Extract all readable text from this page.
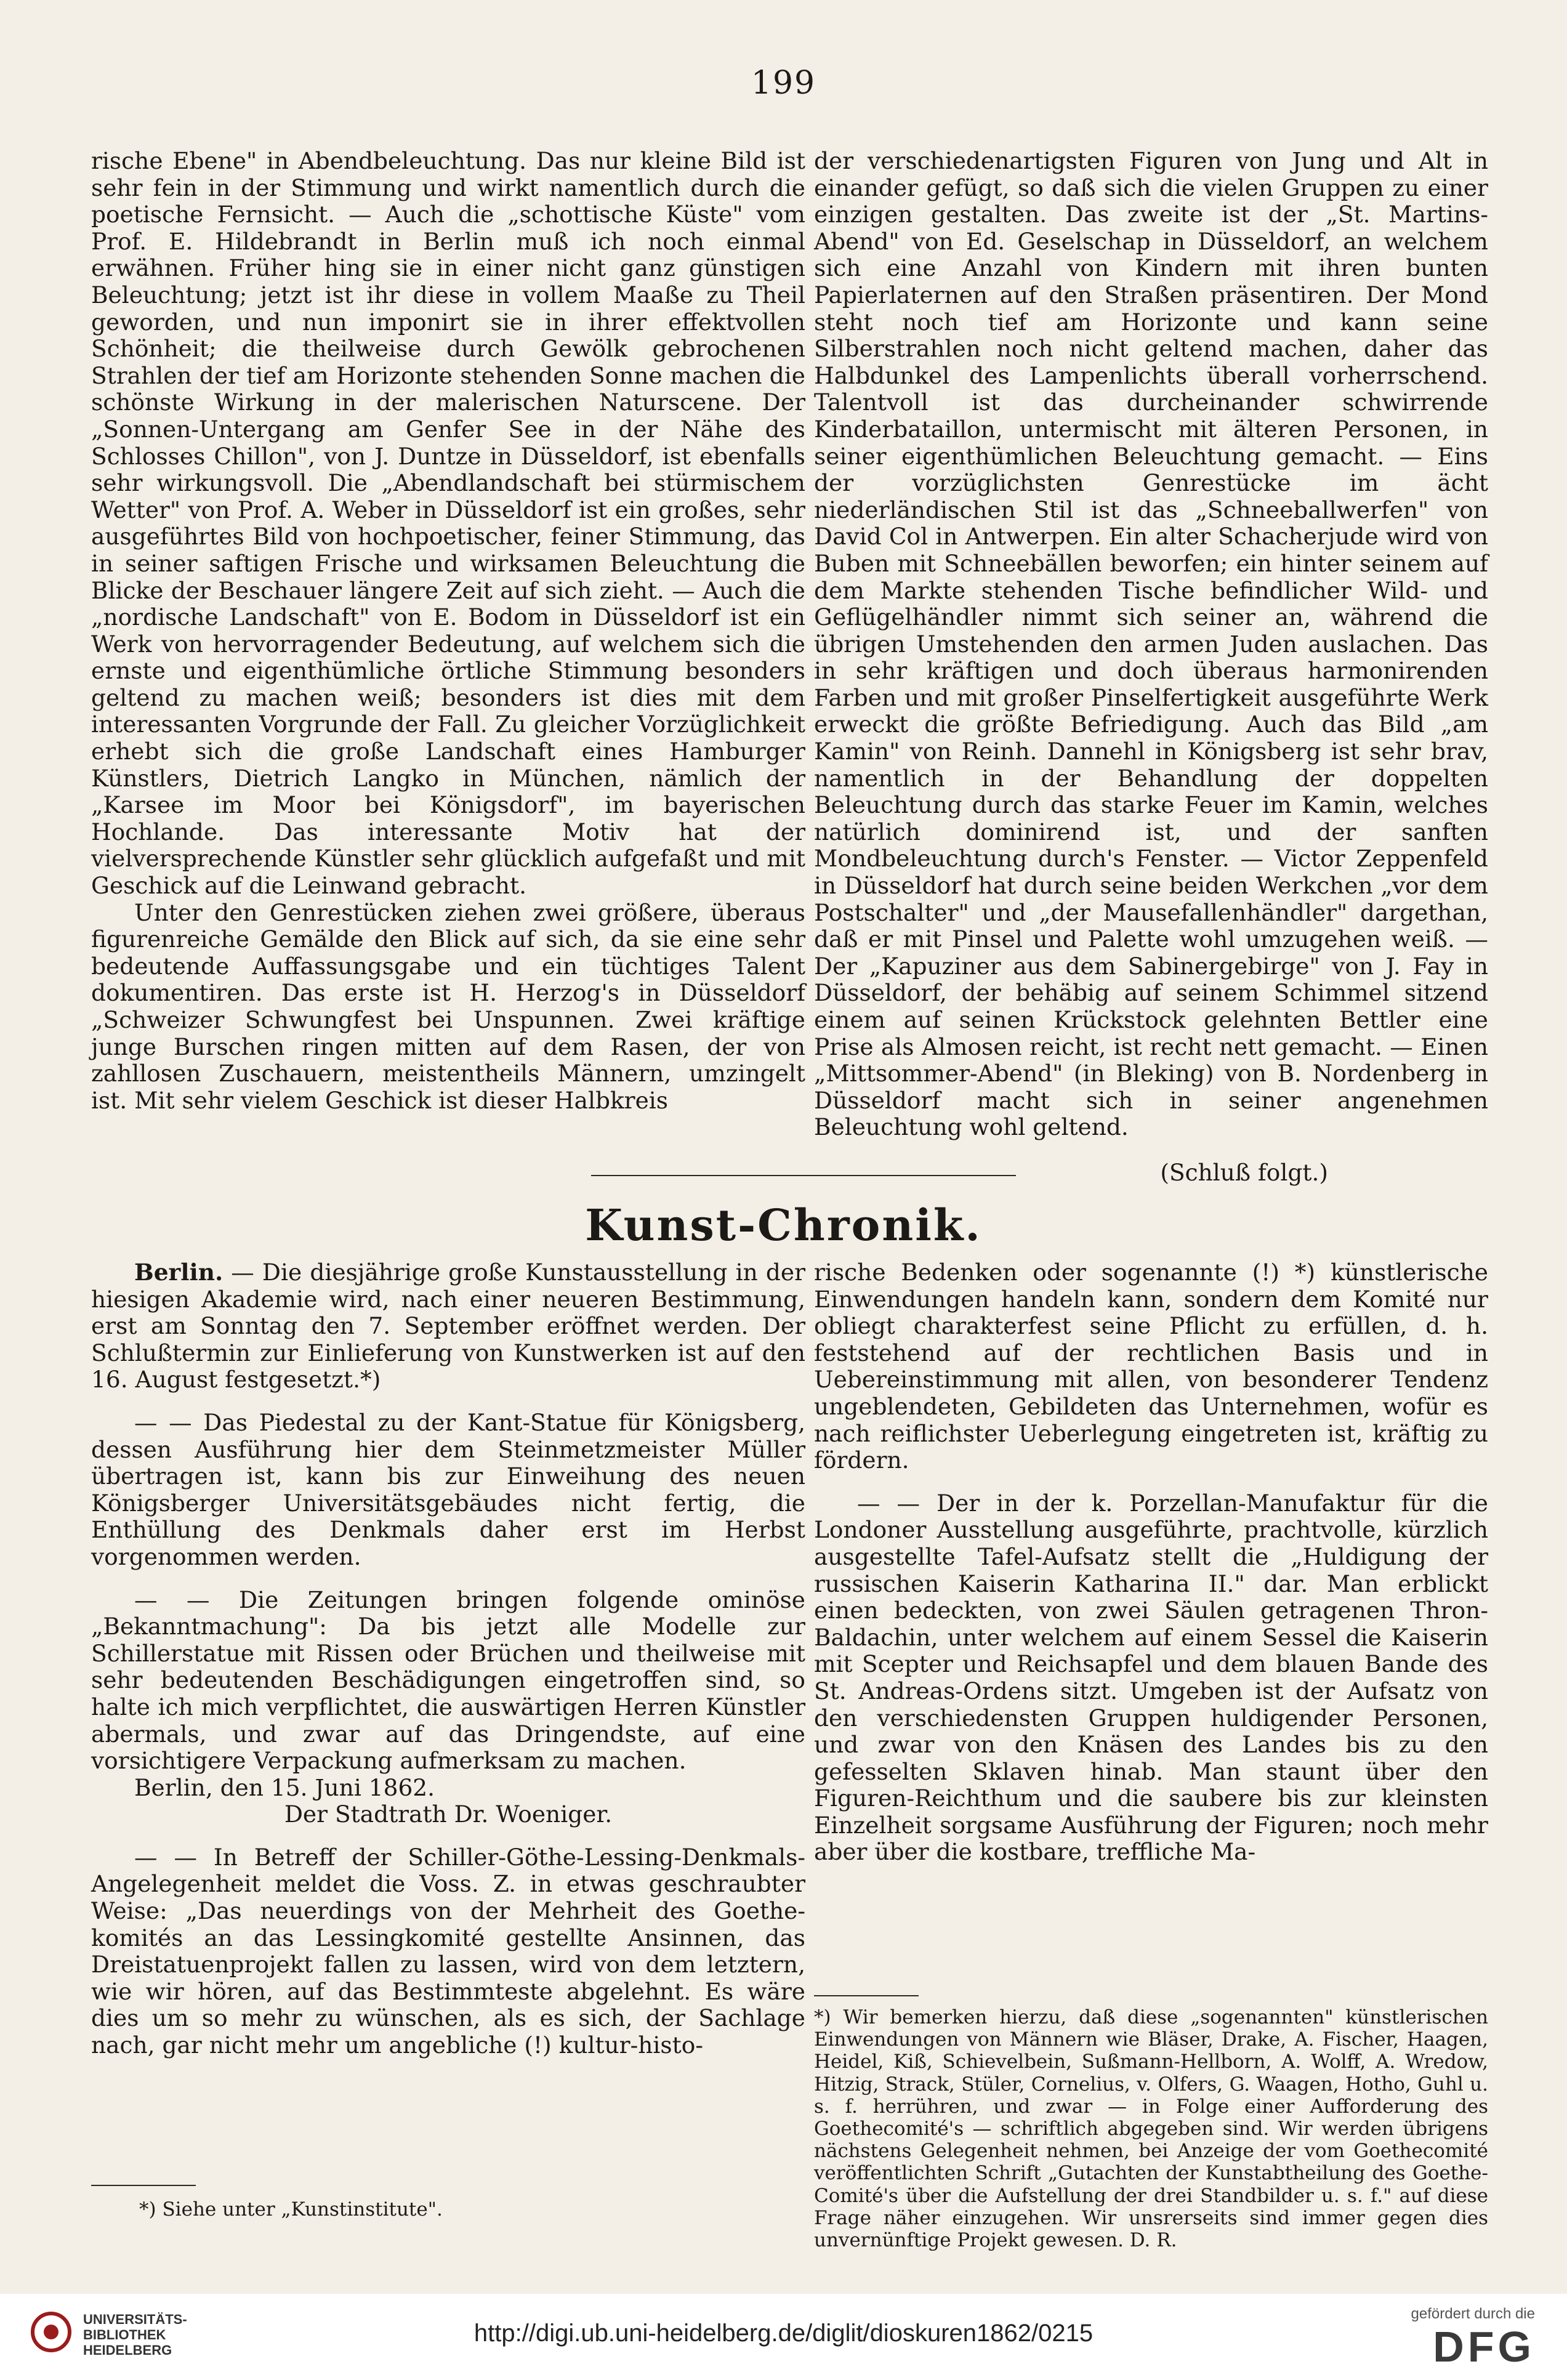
199

rische Ebene" in Abendbeleuchtung. Das nur kleine Bild ist sehr fein in der Stimmung und wirkt namentlich durch die poetische Fernsicht. — Auch die „schottische Küste" vom Prof. E. Hildebrandt in Berlin muß ich noch einmal erwähnen. Früher hing sie in einer nicht ganz günstigen Beleuchtung; jetzt ist ihr diese in vollem Maaße zu Theil geworden, und nun imponirt sie in ihrer effektvollen Schönheit; die theilweise durch Gewölk gebrochenen Strahlen der tief am Horizonte stehenden Sonne machen die schönste Wirkung in der malerischen Naturscene. Der „Sonnen-Untergang am Genfer See in der Nähe des Schlosses Chillon", von J. Duntze in Düsseldorf, ist ebenfalls sehr wirkungsvoll. Die „Abendlandschaft bei stürmischem Wetter" von Prof. A. Weber in Düsseldorf ist ein großes, sehr ausgeführtes Bild von hochpoetischer, feiner Stimmung, das in seiner saftigen Frische und wirksamen Beleuchtung die Blicke der Beschauer längere Zeit auf sich zieht. — Auch die „nordische Landschaft" von E. Bodom in Düsseldorf ist ein Werk von hervorragender Bedeutung, auf welchem sich die ernste und eigenthümliche örtliche Stimmung besonders geltend zu machen weiß; besonders ist dies mit dem interessanten Vorgrunde der Fall. Zu gleicher Vorzüglichkeit erhebt sich die große Landschaft eines Hamburger Künstlers, Dietrich Langko in München, nämlich der „Karsee im Moor bei Königsdorf", im bayerischen Hochlande. Das interessante Motiv hat der vielversprechende Künstler sehr glücklich aufgefaßt und mit Geschick auf die Leinwand gebracht.

Unter den Genrestücken ziehen zwei größere, überaus figurenreiche Gemälde den Blick auf sich, da sie eine sehr bedeutende Auffassungsgabe und ein tüchtiges Talent dokumentiren. Das erste ist H. Herzog's in Düsseldorf „Schweizer Schwungfest bei Unspunnen. Zwei kräftige junge Burschen ringen mitten auf dem Rasen, der von zahllosen Zuschauern, meistentheils Männern, umzingelt ist. Mit sehr vielem Geschick ist dieser Halbkreis

der verschiedenartigsten Figuren von Jung und Alt in einander gefügt, so daß sich die vielen Gruppen zu einer einzigen gestalten. Das zweite ist der „St. Martins-Abend" von Ed. Geselschap in Düsseldorf, an welchem sich eine Anzahl von Kindern mit ihren bunten Papierlaternen auf den Straßen präsentiren. Der Mond steht noch tief am Horizonte und kann seine Silberstrahlen noch nicht geltend machen, daher das Halbdunkel des Lampenlichts überall vorherrschend. Talentvoll ist das durcheinander schwirrende Kinderbataillon, untermischt mit älteren Personen, in seiner eigenthümlichen Beleuchtung gemacht. — Eins der vorzüglichsten Genrestücke im ächt niederländischen Stil ist das „Schneeballwerfen" von David Col in Antwerpen. Ein alter Schacherjude wird von Buben mit Schneebällen beworfen; ein hinter seinem auf dem Markte stehenden Tische befindlicher Wild- und Geflügelhändler nimmt sich seiner an, während die übrigen Umstehenden den armen Juden auslachen. Das in sehr kräftigen und doch überaus harmonirenden Farben und mit großer Pinselfertigkeit ausgeführte Werk erweckt die größte Befriedigung. Auch das Bild „am Kamin" von Reinh. Dannehl in Königsberg ist sehr brav, namentlich in der Behandlung der doppelten Beleuchtung durch das starke Feuer im Kamin, welches natürlich dominirend ist, und der sanften Mondbeleuchtung durch's Fenster. — Victor Zeppenfeld in Düsseldorf hat durch seine beiden Werkchen „vor dem Postschalter" und „der Mausefallenhändler" dargethan, daß er mit Pinsel und Palette wohl umzugehen weiß. — Der „Kapuziner aus dem Sabinergebirge" von J. Fay in Düsseldorf, der behäbig auf seinem Schimmel sitzend einem auf seinen Krückstock gelehnten Bettler eine Prise als Almosen reicht, ist recht nett gemacht. — Einen „Mittsommer-Abend" (in Bleking) von B. Nordenberg in Düsseldorf macht sich in seiner angenehmen Beleuchtung wohl geltend.

(Schluß folgt.)

Kunst-Chronik.

Berlin. — Die diesjährige große Kunstausstellung in der hiesigen Akademie wird, nach einer neueren Bestimmung, erst am Sonntag den 7. September eröffnet werden. Der Schlußtermin zur Einlieferung von Kunstwerken ist auf den 16. August festgesetzt.*)

— — Das Piedestal zu der Kant-Statue für Königsberg, dessen Ausführung hier dem Steinmetzmeister Müller übertragen ist, kann bis zur Einweihung des neuen Königsberger Universitätsgebäudes nicht fertig, die Enthüllung des Denkmals daher erst im Herbst vorgenommen werden.

— — Die Zeitungen bringen folgende ominöse „Bekanntmachung": Da bis jetzt alle Modelle zur Schillerstatue mit Rissen oder Brüchen und theilweise mit sehr bedeutenden Beschädigungen eingetroffen sind, so halte ich mich verpflichtet, die auswärtigen Herren Künstler abermals, und zwar auf das Dringendste, auf eine vorsichtigere Verpackung aufmerksam zu machen.

Berlin, den 15. Juni 1862.

Der Stadtrath Dr. Woeniger.

— — In Betreff der Schiller-Göthe-Lessing-Denkmals-Angelegenheit meldet die Voss. Z. in etwas geschraubter Weise: „Das neuerdings von der Mehrheit des Goethe-komités an das Lessingkomité gestellte Ansinnen, das Dreistatuenprojekt fallen zu lassen, wird von dem letztern, wie wir hören, auf das Bestimmteste abgelehnt. Es wäre dies um so mehr zu wünschen, als es sich, der Sachlage nach, gar nicht mehr um angebliche (!) kultur-histo-

rische Bedenken oder sogenannte (!) *) künstlerische Einwendungen handeln kann, sondern dem Komité nur obliegt charakterfest seine Pflicht zu erfüllen, d. h. feststehend auf der rechtlichen Basis und in Uebereinstimmung mit allen, von besonderer Tendenz ungeblendeten, Gebildeten das Unternehmen, wofür es nach reiflichster Ueberlegung eingetreten ist, kräftig zu fördern.

— — Der in der k. Porzellan-Manufaktur für die Londoner Ausstellung ausgeführte, prachtvolle, kürzlich ausgestellte Tafel-Aufsatz stellt die „Huldigung der russischen Kaiserin Katharina II." dar. Man erblickt einen bedeckten, von zwei Säulen getragenen Thron-Baldachin, unter welchem auf einem Sessel die Kaiserin mit Scepter und Reichsapfel und dem blauen Bande des St. Andreas-Ordens sitzt. Umgeben ist der Aufsatz von den verschiedensten Gruppen huldigender Personen, und zwar von den Knäsen des Landes bis zu den gefesselten Sklaven hinab. Man staunt über den Figuren-Reichthum und die saubere bis zur kleinsten Einzelheit sorgsame Ausführung der Figuren; noch mehr aber über die kostbare, treffliche Ma-

*) Wir bemerken hierzu, daß diese „sogenannten" künstlerischen Einwendungen von Männern wie Bläser, Drake, A. Fischer, Haagen, Heidel, Kiß, Schievelbein, Sußmann-Hellborn, A. Wolff, A. Wredow, Hitzig, Strack, Stüler, Cornelius, v. Olfers, G. Waagen, Hotho, Guhl u. s. f. herrühren, und zwar — in Folge einer Aufforderung des Goethecomité's — schriftlich abgegeben sind. Wir werden übrigens nächstens Gelegenheit nehmen, bei Anzeige der vom Goethecomité veröffentlichten Schrift „Gutachten der Kunstabtheilung des Goethe-Comité's über die Aufstellung der drei Standbilder u. s. f." auf diese Frage näher einzugehen. Wir unsrerseits sind immer gegen dies unvernünftige Projekt gewesen. D. R.
*) Siehe unter „Kunstinstitute".
UNIVERSITÄTS-
BIBLIOTHEK
HEIDELBERG
http://digi.ub.uni-heidelberg.de/diglit/dioskuren1862/0215
gefördert durch die
DFG
